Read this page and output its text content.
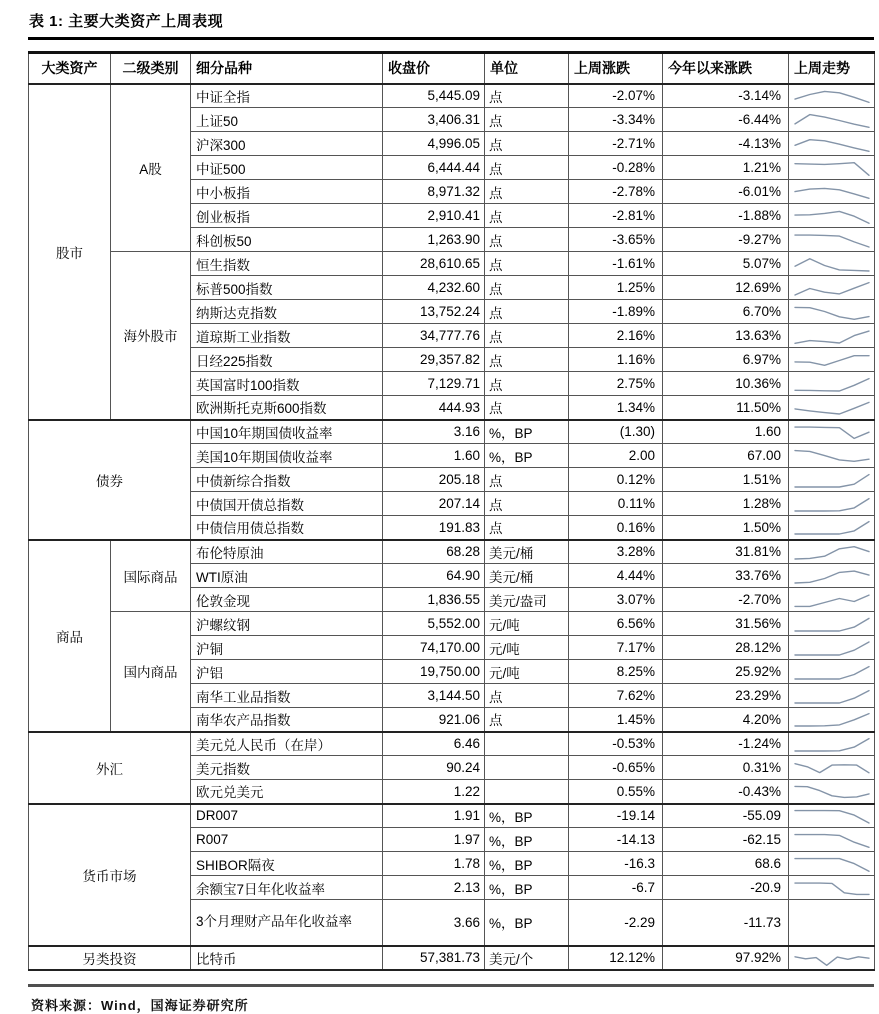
表 1: 主要大类资产上周表现
大类资产	二级类别	细分品种	收盘价	单位	上周涨跌	今年以来涨跌	上周走势
股市	A股	中证全指	5,445.09	点	-2.07%	-3.14%	

		上证50	3,406.31	点	-3.34%	-6.44%	

		沪深300	4,996.05	点	-2.71%	-4.13%	

		中证500	6,444.44	点	-0.28%	1.21%	

		中小板指	8,971.32	点	-2.78%	-6.01%	

		创业板指	2,910.41	点	-2.81%	-1.88%	

		科创板50	1,263.90	点	-3.65%	-9.27%	

	海外股市	恒生指数	28,610.65	点	-1.61%	5.07%	

		标普500指数	4,232.60	点	1.25%	12.69%	

		纳斯达克指数	13,752.24	点	-1.89%	6.70%	

		道琼斯工业指数	34,777.76	点	2.16%	13.63%	

		日经225指数	29,357.82	点	1.16%	6.97%	

		英国富时100指数	7,129.71	点	2.75%	10.36%	

		欧洲斯托克斯600指数	444.93	点	1.34%	11.50%	

债券		中国10年期国债收益率	3.16	%，BP	(1.30)	1.60	

		美国10年期国债收益率	1.60	%，BP	2.00	67.00	

		中债新综合指数	205.18	点	0.12%	1.51%	

		中债国开债总指数	207.14	点	0.11%	1.28%	

		中债信用债总指数	191.83	点	0.16%	1.50%	

商品	国际商品	布伦特原油	68.28	美元/桶	3.28%	31.81%	

		WTI原油	64.90	美元/桶	4.44%	33.76%	

		伦敦金现	1,836.55	美元/盎司	3.07%	-2.70%	

	国内商品	沪螺纹钢	5,552.00	元/吨	6.56%	31.56%	

		沪铜	74,170.00	元/吨	7.17%	28.12%	

		沪铝	19,750.00	元/吨	8.25%	25.92%	

		南华工业品指数	3,144.50	点	7.62%	23.29%	

		南华农产品指数	921.06	点	1.45%	4.20%	

外汇		美元兑人民币（在岸）	6.46		-0.53%	-1.24%	

		美元指数	90.24		-0.65%	0.31%	

		欧元兑美元	1.22		0.55%	-0.43%	

货币市场		DR007	1.91	%，BP	-19.14	-55.09	

		R007	1.97	%，BP	-14.13	-62.15	

		SHIBOR隔夜	1.78	%，BP	-16.3	68.6	

		余额宝7日年化收益率	2.13	%，BP	-6.7	-20.9	

		3个月理财产品年化收益率	3.66	%，BP	-2.29	-11.73	
另类投资		比特币	57,381.73	美元/个	12.12%	97.92%	
资料来源：Wind，国海证券研究所
